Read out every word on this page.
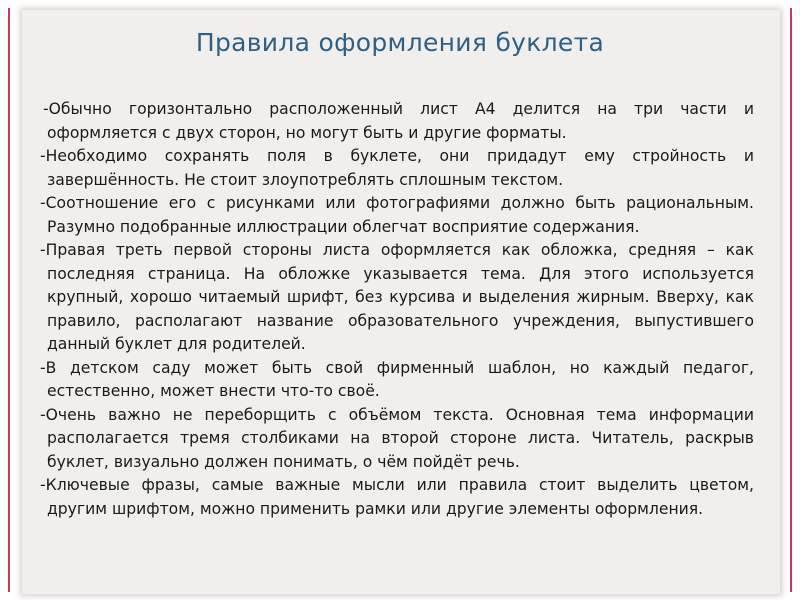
Правила оформления буклета
-Обычно горизонтально расположенный лист А4 делится на три части и оформляется с двух сторон, но могут быть и другие форматы.
-Необходимо сохранять поля в буклете, они придадут ему стройность и завершённость. Не стоит злоупотреблять сплошным текстом.
-Соотношение его с рисунками или фотографиями должно быть рациональным. Разумно подобранные иллюстрации облегчат восприятие содержания.
-Правая треть первой стороны листа оформляется как обложка, средняя – как последняя страница. На обложке указывается тема. Для этого используется крупный, хорошо читаемый шрифт, без курсива и выделения жирным. Вверху, как правило, располагают название образовательного учреждения, выпустившего данный буклет для родителей.
-В детском саду может быть свой фирменный шаблон, но каждый педагог, естественно, может внести что-то своё.
-Очень важно не переборщить с объёмом текста. Основная тема информации располагается тремя столбиками на второй стороне листа. Читатель, раскрыв буклет, визуально должен понимать, о чём пойдёт речь.
-Ключевые фразы, самые важные мысли или правила стоит выделить цветом, другим шрифтом, можно применить рамки или другие элементы оформления.
